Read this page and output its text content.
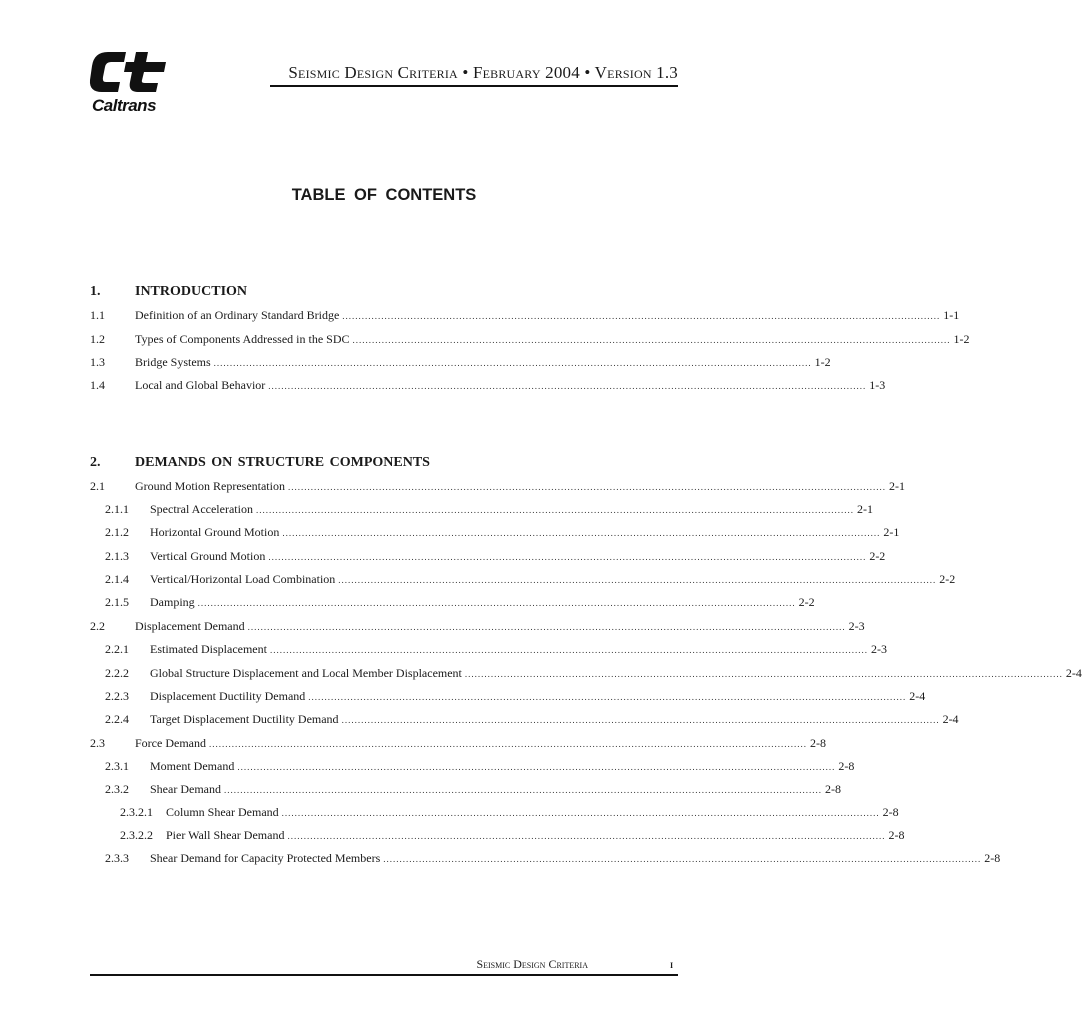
Caltrans
Seismic Design Criteria • February 2004 • Version 1.3
TABLE OF CONTENTS
1. INTRODUCTION
1.1	Definition of an Ordinary Standard Bridge ........................................................................................................................................................................................ 1-1
1.2	Types of Components Addressed in the SDC ........................................................................................................................................................................................ 1-2
1.3	Bridge Systems ........................................................................................................................................................................................ 1-2
1.4	Local and Global Behavior ........................................................................................................................................................................................ 1-3
2. DEMANDS ON STRUCTURE COMPONENTS
2.1	Ground Motion Representation ........................................................................................................................................................................................ 2-1
2.1.1	Spectral Acceleration ........................................................................................................................................................................................ 2-1
2.1.2	Horizontal Ground Motion ........................................................................................................................................................................................ 2-1
2.1.3	Vertical Ground Motion ........................................................................................................................................................................................ 2-2
2.1.4	Vertical/Horizontal Load Combination ........................................................................................................................................................................................ 2-2
2.1.5	Damping ........................................................................................................................................................................................ 2-2
2.2	Displacement Demand ........................................................................................................................................................................................ 2-3
2.2.1	Estimated Displacement ........................................................................................................................................................................................ 2-3
2.2.2	Global Structure Displacement and Local Member Displacement ........................................................................................................................................................................................ 2-4
2.2.3	Displacement Ductility Demand ........................................................................................................................................................................................ 2-4
2.2.4	Target Displacement Ductility Demand ........................................................................................................................................................................................ 2-4
2.3	Force Demand ........................................................................................................................................................................................ 2-8
2.3.1	Moment Demand ........................................................................................................................................................................................ 2-8
2.3.2	Shear Demand ........................................................................................................................................................................................ 2-8
2.3.2.1	Column Shear Demand ........................................................................................................................................................................................ 2-8
2.3.2.2	Pier Wall Shear Demand ........................................................................................................................................................................................ 2-8
2.3.3	Shear Demand for Capacity Protected Members ........................................................................................................................................................................................ 2-8
Seismic Design Criteria	i
